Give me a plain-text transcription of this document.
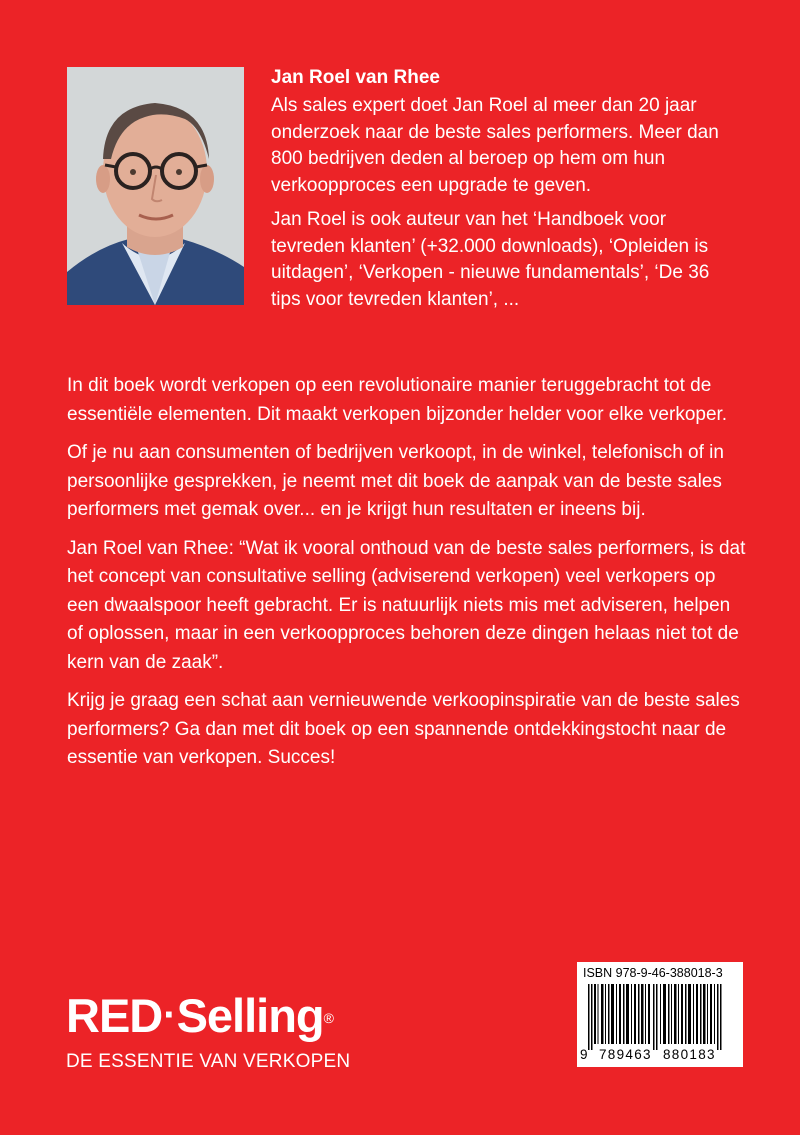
Jan Roel van Rhee

Als sales expert doet Jan Roel al meer dan 20 jaar onderzoek naar de beste sales performers. Meer dan 800 bedrijven deden al beroep op hem om hun verkoopproces een upgrade te geven.

Jan Roel is ook auteur van het ‘Handboek voor tevreden klanten’ (+32.000 downloads), ‘Opleiden is uitdagen’, ‘Verkopen - nieuwe fundamentals’, ‘De 36 tips voor tevreden klanten’, ...

In dit boek wordt verkopen op een revolutionaire manier teruggebracht tot de essentiële elementen. Dit maakt verkopen bijzonder helder voor elke verkoper.

Of je nu aan consumenten of bedrijven verkoopt, in de winkel, telefonisch of in persoonlijke gesprekken, je neemt met dit boek de aanpak van de beste sales performers met gemak over... en je krijgt hun resultaten er ineens bij.

Jan Roel van Rhee: “Wat ik vooral onthoud van de beste sales performers, is dat het concept van consultative selling (adviserend verkopen) veel verkopers op een dwaalspoor heeft gebracht. Er is natuurlijk niets mis met adviseren, helpen of oplossen, maar in een verkoopproces behoren deze dingen helaas niet tot de kern van de zaak”.

Krijg je graag een schat aan vernieuwende verkoopinspiratie van de beste sales performers? Ga dan met dit boek op een spannende ontdekkingstocht naar de essentie van verkopen. Succes!

RED·Selling®
DE ESSENTIE VAN VERKOPEN
ISBN 978-9-46-388018-3
9 789463 880183
